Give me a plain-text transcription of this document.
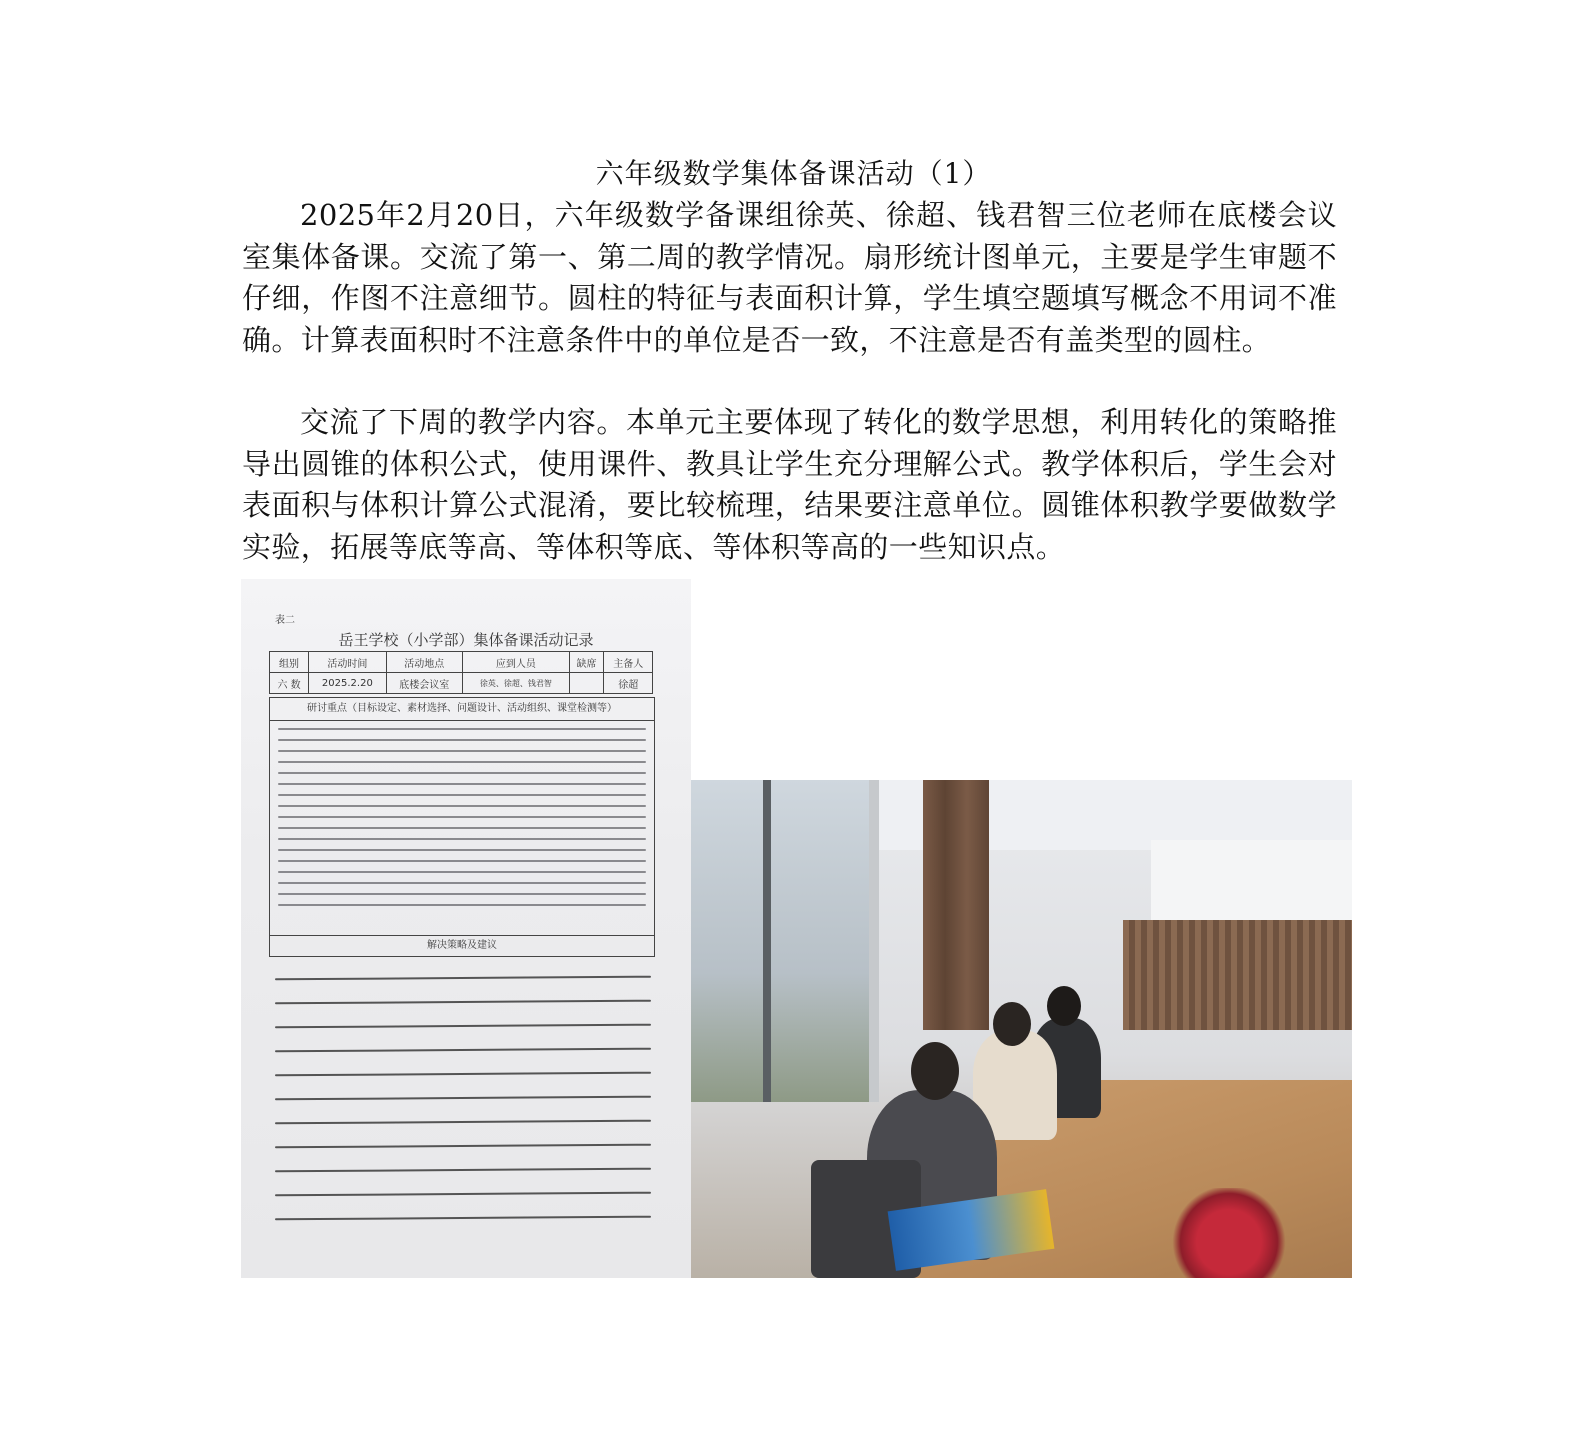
六年级数学集体备课活动（1）

2025年2月20日，六年级数学备课组徐英、徐超、钱君智三位老师在底楼会议室集体备课。交流了第一、第二周的教学情况。扇形统计图单元，主要是学生审题不仔细，作图不注意细节。圆柱的特征与表面积计算，学生填空题填写概念不用词不准确。计算表面积时不注意条件中的单位是否一致，不注意是否有盖类型的圆柱。

交流了下周的教学内容。本单元主要体现了转化的数学思想，利用转化的策略推导出圆锥的体积公式，使用课件、教具让学生充分理解公式。教学体积后，学生会对表面积与体积计算公式混淆，要比较梳理，结果要注意单位。圆锥体积教学要做数学实验，拓展等底等高、等体积等底、等体积等高的一些知识点。

表二
岳王学校（小学部）集体备课活动记录
组别	活动时间	活动地点	应到人员	缺席	主备人
六 数	2025.2.20	底楼会议室	徐英、徐超、钱君智		徐超
研讨重点（目标设定、素材选择、问题设计、活动组织、课堂检测等）
解决策略及建议
